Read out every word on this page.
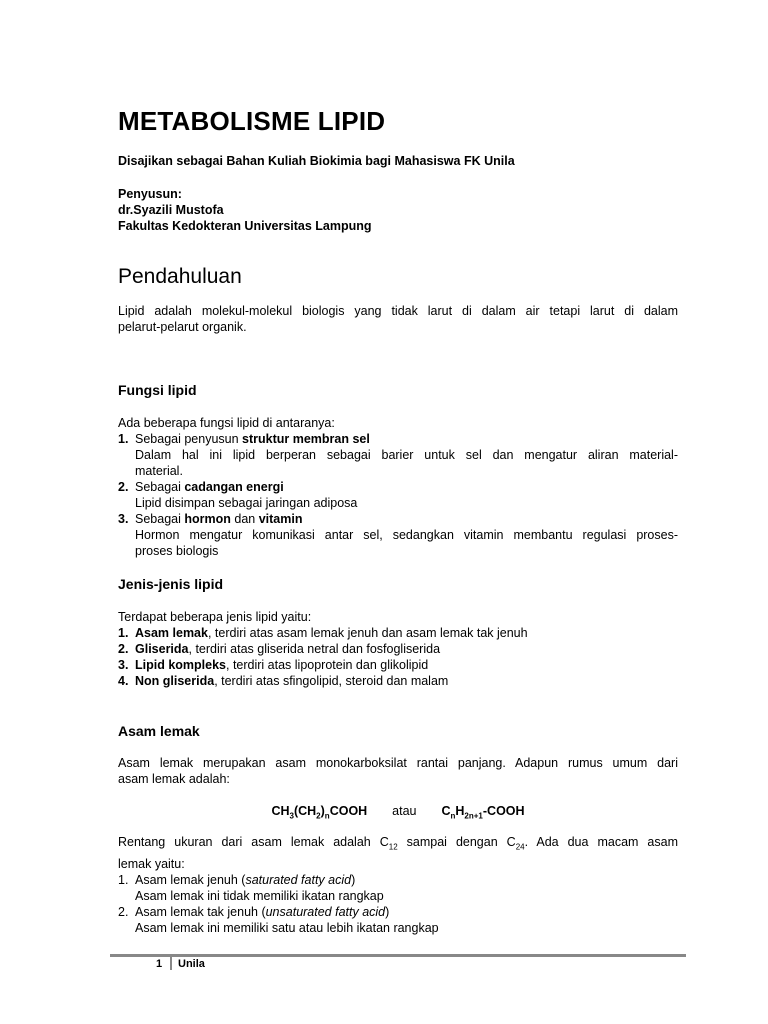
METABOLISME LIPID
Disajikan sebagai Bahan Kuliah Biokimia bagi Mahasiswa FK Unila
Penyusun:
dr.Syazili Mustofa
Fakultas Kedokteran Universitas Lampung
Pendahuluan
Lipid adalah molekul-molekul biologis yang tidak larut di dalam air tetapi larut di dalam
pelarut-pelarut organik.
Fungsi lipid
Ada beberapa fungsi lipid di antaranya:
1. Sebagai penyusun struktur membran sel
Dalam hal ini lipid berperan sebagai barier untuk sel dan mengatur aliran material-
material.
2. Sebagai cadangan energi
Lipid disimpan sebagai jaringan adiposa
3. Sebagai hormon dan vitamin
Hormon mengatur komunikasi antar sel, sedangkan vitamin membantu regulasi proses-
proses biologis
Jenis-jenis lipid
Terdapat beberapa jenis lipid yaitu:
1. Asam lemak, terdiri atas asam lemak jenuh dan asam lemak tak jenuh
2. Gliserida, terdiri atas gliserida netral dan fosfogliserida
3. Lipid kompleks, terdiri atas lipoprotein dan glikolipid
4. Non gliserida, terdiri atas sfingolipid, steroid dan malam
Asam lemak
Asam lemak merupakan asam monokarboksilat rantai panjang. Adapun rumus umum dari
asam lemak adalah:
$CH_3(CH_2)_nCOOH$ atau $C_nH_{2n+1}$-COOH
Rentang ukuran dari asam lemak adalah $C_{12}$ sampai dengan $C_{24}$. Ada dua macam asam
lemak yaitu:
1. Asam lemak jenuh (saturated fatty acid)
Asam lemak ini tidak memiliki ikatan rangkap
2. Asam lemak tak jenuh (unsaturated fatty acid)
Asam lemak ini memiliki satu atau lebih ikatan rangkap
1 Unila
